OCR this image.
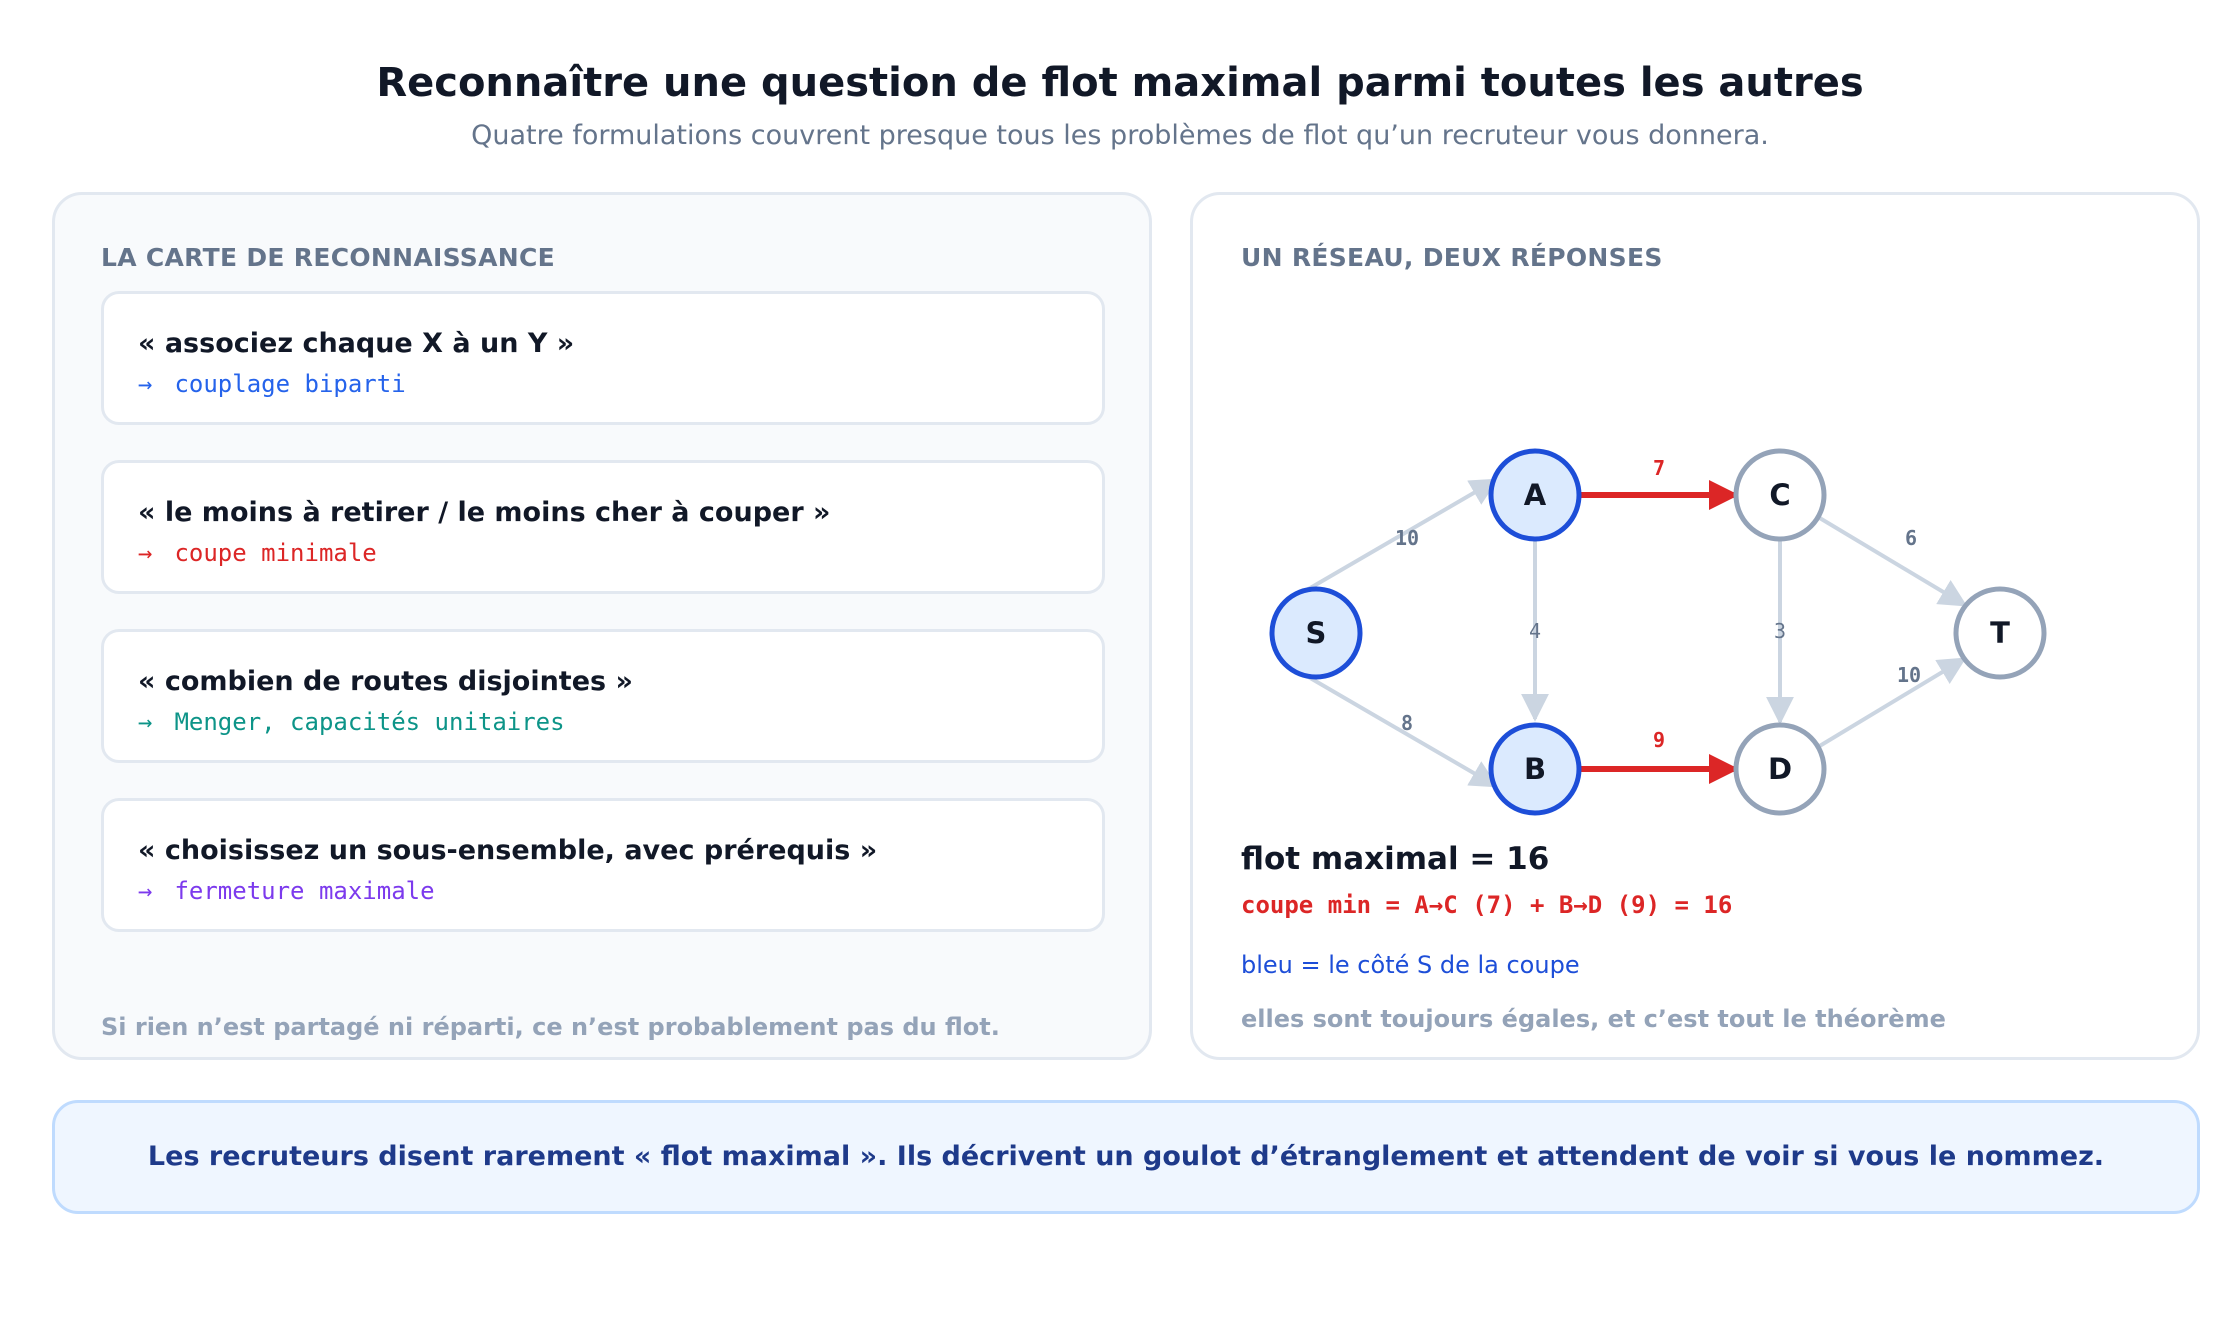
Reconnaître une question de flot maximal parmi toutes les autres
Quatre formulations couvrent presque tous les problèmes de flot qu’un recruteur vous donnera.
LA CARTE DE RECONNAISSANCE
« associez chaque X à un Y »
→ couplage biparti
« le moins à retirer / le moins cher à couper »
→ coupe minimale
« combien de routes disjointes »
→ Menger, capacités unitaires
« choisissez un sous-ensemble, avec prérequis »
→ fermeture maximale
Si rien n’est partagé ni réparti, ce n’est probablement pas du flot.
UN RÉSEAU, DEUX RÉPONSES
10
8
4
7
9
3
6
10
S
A
B
C
D
T
flot maximal = 16
coupe min = A→C (7) + B→D (9) = 16
bleu = le côté S de la coupe
elles sont toujours égales, et c’est tout le théorème
Les recruteurs disent rarement « flot maximal ». Ils décrivent un goulot d’étranglement et attendent de voir si vous le nommez.
